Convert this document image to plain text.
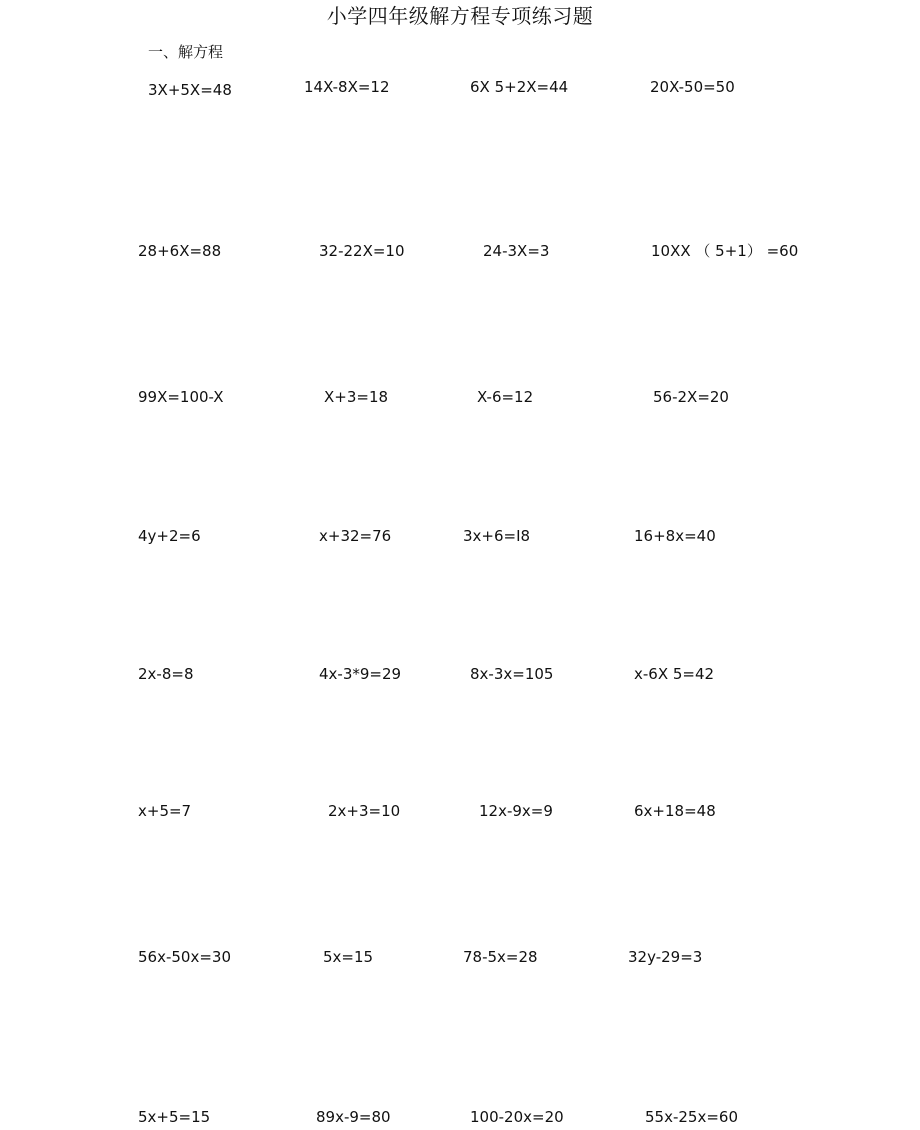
小学四年级解方程专项练习题
一、解方程
3X+5X=48	14X-8X=12	6X 5+2X=44	20X-50=50
28+6X=88	32-22X=10	24-3X=3	10XX （ 5+1） =60
99X=100-X	X+3=18	X-6=12	56-2X=20
4y+2=6	x+32=76	3x+6=I8	16+8x=40
2x-8=8	4x-3*9=29	8x-3x=105	x-6X 5=42
x+5=7	2x+3=10	12x-9x=9	6x+18=48
56x-50x=30	5x=15	78-5x=28	32y-29=3
5x+5=15	89x-9=80	100-20x=20	55x-25x=60
